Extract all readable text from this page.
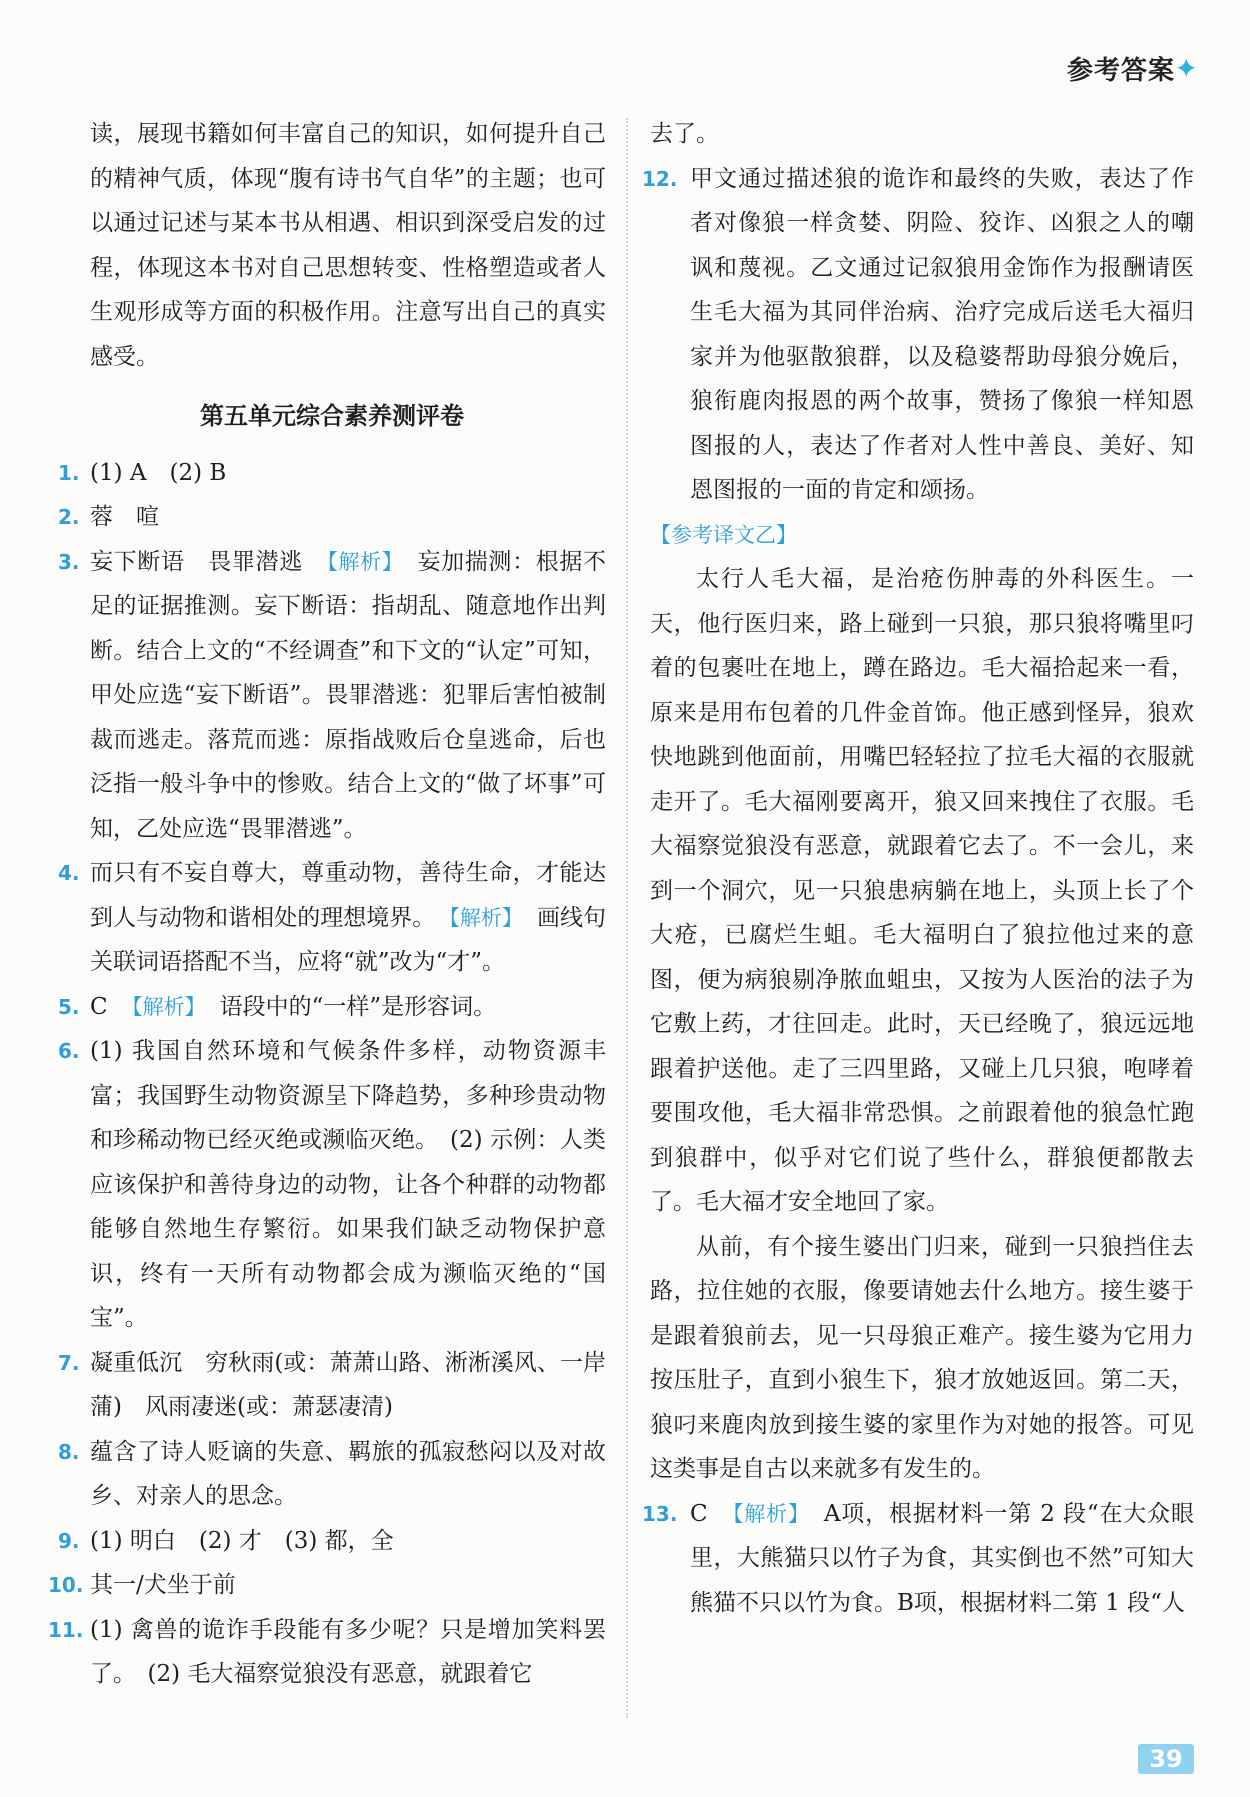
参考答案 ✦
读，展现书籍如何丰富自己的知识，如何提升自己的精神气质，体现“腹有诗书气自华”的主题；也可以通过记述与某本书从相遇、相识到深受启发的过程，体现这本书对自己思想转变、性格塑造或者人生观形成等方面的积极作用。注意写出自己的真实感受。
第五单元综合素养测评卷
1. (1) A　(2) B
2. 蓉　喧
3. 妄下断语　畏罪潜逃 【解析】 妄加揣测：根据不足的证据推测。妄下断语：指胡乱、随意地作出判断。结合上文的“不经调查”和下文的“认定”可知，甲处应选“妄下断语”。畏罪潜逃：犯罪后害怕被制裁而逃走。落荒而逃：原指战败后仓皇逃命，后也泛指一般斗争中的惨败。结合上文的“做了坏事”可知，乙处应选“畏罪潜逃”。
4. 而只有不妄自尊大，尊重动物，善待生命，才能达到人与动物和谐相处的理想境界。 【解析】 画线句关联词语搭配不当，应将“就”改为“才”。
5. C 【解析】 语段中的“一样”是形容词。
6. (1) 我国自然环境和气候条件多样，动物资源丰富；我国野生动物资源呈下降趋势，多种珍贵动物和珍稀动物已经灭绝或濒临灭绝。　(2) 示例：人类应该保护和善待身边的动物，让各个种群的动物都能够自然地生存繁衍。如果我们缺乏动物保护意识，终有一天所有动物都会成为濒临灭绝的“国宝”。
7. 凝重低沉　穷秋雨(或：萧萧山路、淅淅溪风、一岸蒲)　风雨凄迷(或：萧瑟凄清)
8. 蕴含了诗人贬谪的失意、羁旅的孤寂愁闷以及对故乡、对亲人的思念。
9. (1) 明白　(2) 才　(3) 都，全
10. 其一/犬坐于前
11. (1) 禽兽的诡诈手段能有多少呢？只是增加笑料罢了。　(2) 毛大福察觉狼没有恶意，就跟着它
去了。
12. 甲文通过描述狼的诡诈和最终的失败，表达了作者对像狼一样贪婪、阴险、狡诈、凶狠之人的嘲讽和蔑视。乙文通过记叙狼用金饰作为报酬请医生毛大福为其同伴治病、治疗完成后送毛大福归家并为他驱散狼群，以及稳婆帮助母狼分娩后，狼衔鹿肉报恩的两个故事，赞扬了像狼一样知恩图报的人，表达了作者对人性中善良、美好、知恩图报的一面的肯定和颂扬。
【参考译文乙】
太行人毛大福，是治疮伤肿毒的外科医生。一天，他行医归来，路上碰到一只狼，那只狼将嘴里叼着的包裹吐在地上，蹲在路边。毛大福拾起来一看，原来是用布包着的几件金首饰。他正感到怪异，狼欢快地跳到他面前，用嘴巴轻轻拉了拉毛大福的衣服就走开了。毛大福刚要离开，狼又回来拽住了衣服。毛大福察觉狼没有恶意，就跟着它去了。不一会儿，来到一个洞穴，见一只狼患病躺在地上，头顶上长了个大疮，已腐烂生蛆。毛大福明白了狼拉他过来的意图，便为病狼剔净脓血蛆虫，又按为人医治的法子为它敷上药，才往回走。此时，天已经晚了，狼远远地跟着护送他。走了三四里路，又碰上几只狼，咆哮着要围攻他，毛大福非常恐惧。之前跟着他的狼急忙跑到狼群中，似乎对它们说了些什么，群狼便都散去了。毛大福才安全地回了家。
从前，有个接生婆出门归来，碰到一只狼挡住去路，拉住她的衣服，像要请她去什么地方。接生婆于是跟着狼前去，见一只母狼正难产。接生婆为它用力按压肚子，直到小狼生下，狼才放她返回。第二天，狼叼来鹿肉放到接生婆的家里作为对她的报答。可见这类事是自古以来就多有发生的。
13. C 【解析】 A项，根据材料一第 2 段“在大众眼里，大熊猫只以竹子为食，其实倒也不然”可知大熊猫不只以竹为食。B项，根据材料二第 1 段“人
39
